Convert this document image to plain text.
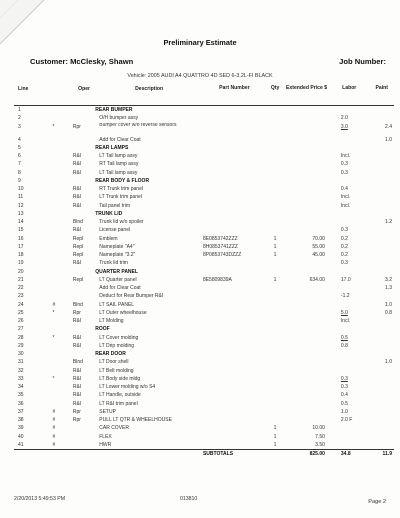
Preliminary Estimate
Customer: McClesky, Shawn	Job Number:
Vehicle: 2005 AUDI A4 QUATTRO 4D SED 6-3.2L-FI BLACK
Line		Oper	Description	Part Number	Qty	Extended Price $	Labor	Paint
1			REAR BUMPER					
2			O/H bumper assy				2.0	
3	*	Rpr	Bumper cover w/o reverse sensors				3.0	2.4
4			Add for Clear Coat					1.0
5			REAR LAMPS					
6		R&I	LT Tail lamp assy				Incl.	
7		R&I	RT Tail lamp assy				0.3	
8		R&I	LT Tail lamp assy				0.3	
9			REAR BODY & FLOOR					
10		R&I	RT Trunk trim panel				0.4	
11		R&I	LT Trunk trim panel				Incl.	
12		R&I	Tail panel trim				Incl.	
13			TRUNK LID					
14		Blnd	Trunk lid w/o spoiler					1.2
15		R&I	License panel				0.3	
16		Repl	Emblem	8E0853742ZZZ	1	70.00	0.2	
17		Repl	Nameplate "A4"	8H0853741ZZZ	1	55.00	0.2	
18		Repl	Nameplate "3.2"	8P0853743DZZZ	1	45.00	0.2	
19		R&I	Trunk lid trim				0.3	
20			QUARTER PANEL					
21		Repl	LT Quarter panel	8E5809839A	1	634.00	17.0	3.2
22			Add for Clear Coat					1.3
23			Deduct for Rear Bumper R&I				-1.2	
24	#	Blnd	LT SAIL PANEL					1.0
25	*	Rpr	LT Outer wheelhouse				5.0	0.8
26		R&I	LT Molding				Incl.	
27			ROOF					
28	*	R&I	LT Cover molding				0.5	
29		R&I	LT Drip molding				0.8	
30			REAR DOOR					
31		Blnd	LT Door shell					1.0
32		R&I	LT Belt molding					
33	*	R&I	LT Body side mldg				0.3	
34		R&I	LT Lower molding w/o S4				0.3	
35		R&I	LT Handle, outside				0.4	
36		R&I	LT R&I trim panel				0.5	
37	#	Rpr	SETUP				1.0	
38	#	Rpr	PULL LT QTR & WHEELHOUSE				2.0 F	
39	#		CAR COVER		1	10.00		
40	#		FLEX		1	7.50		
41	#		HWR		1	3.50		
				SUBTOTALS		825.00	34.8	11.9
2/20/2013 5:49:53 PM	013810	Page 2
